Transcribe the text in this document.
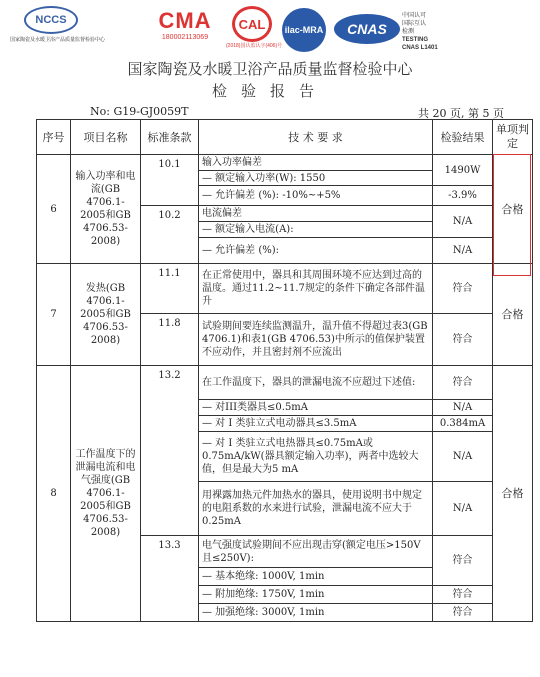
NCCS
国家陶瓷及水暖卫浴产品质量监督检验中心
CMA
180002113069
CAL
(2018)国认监认字(406)号
ilac-MRA	CNAS
中国认可
国际互认
检测
TESTING
CNAS L1401
国家陶瓷及水暖卫浴产品质量监督检验中心
检验报告
No: G19-GJ0059T	共 20 页, 第 5 页
序号	项目名称	标准条款	技 术 要 求	检验结果	单项判定
6	输入功率和电流(GB 4706.1-2005和GB 4706.53-2008)	10.1	输入功率偏差	1490W	合格
			— 额定输入功率(W): 1550		
			— 允许偏差 (%): -10%~+5%	-3.9%	
		10.2	电流偏差	N/A	
			— 额定输入电流(A):		
			— 允许偏差 (%):	N/A	
7	发热(GB 4706.1-2005和GB 4706.53-2008)	11.1	在正常使用中，器具和其周围环境不应达到过高的温度。通过11.2~11.7规定的条件下确定各部件温升	符合	合格
		11.8	试验期间要连续监测温升，温升值不得超过表3(GB 4706.1)和表1(GB 4706.53)中所示的值保护装置不应动作，并且密封剂不应流出	符合	
8	工作温度下的泄漏电流和电气强度(GB 4706.1-2005和GB 4706.53-2008)	13.2	在工作温度下，器具的泄漏电流不应超过下述值:	符合	合格
			— 对III类器具≤0.5mA	N/A	
			— 对 I 类驻立式电动器具≤3.5mA	0.384mA	
			— 对 I 类驻立式电热器具≤0.75mA或0.75mA/kW(器具额定输入功率)，两者中选较大值，但是最大为5 mA	N/A	
			用裸露加热元件加热水的器具，使用说明书中规定的电阻系数的水来进行试验，泄漏电流不应大于0.25mA	N/A	
		13.3	电气强度试验期间不应出现击穿(额定电压>150V且≤250V):	符合	
			— 基本绝缘: 1000V, 1min		
			— 附加绝缘: 1750V, 1min	符合	
			— 加强绝缘: 3000V, 1min	符合	
